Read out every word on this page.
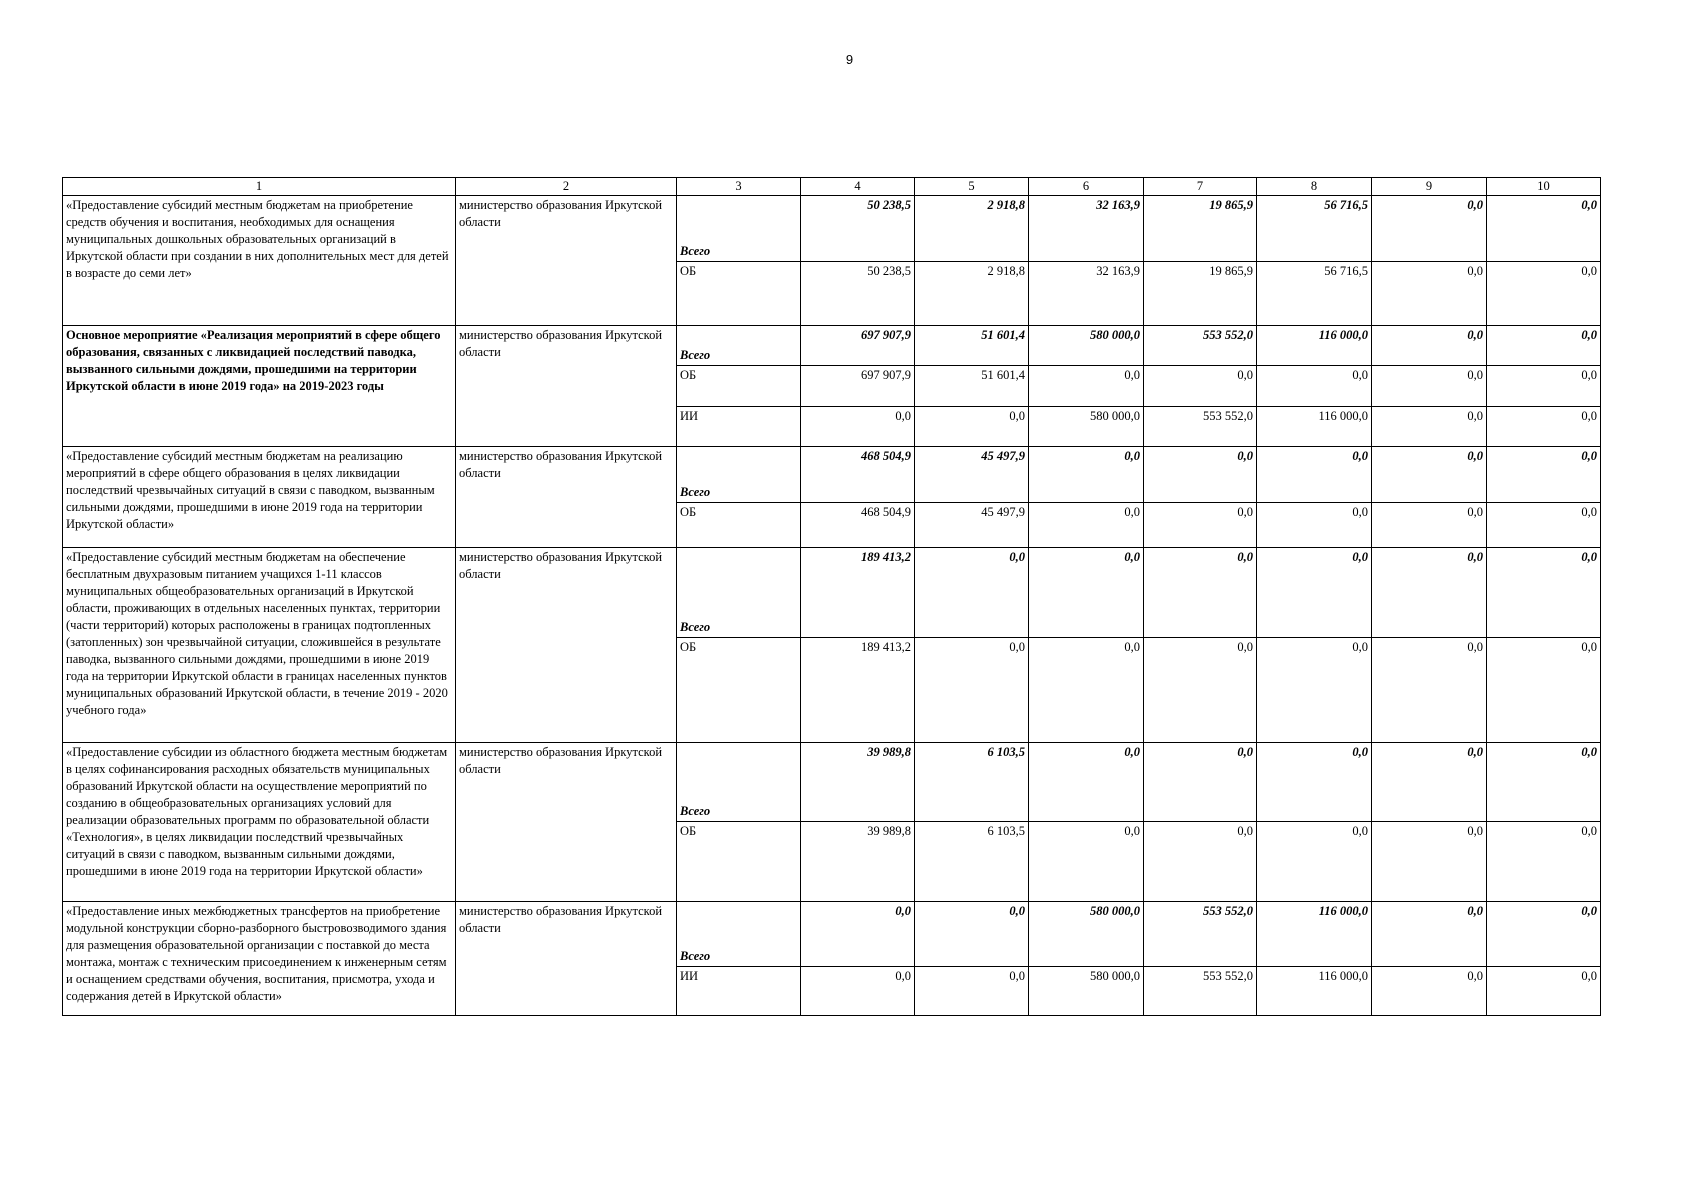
9
1	2	3	4	5	6	7	8	9	10
«Предоставление субсидий местным бюджетам на приобретение средств обучения и воспитания, необходимых для оснащения муниципальных дошкольных образовательных организаций в Иркутской области при создании в них дополнительных мест для детей в возрасте до семи лет»	министерство образования Иркутской области	Всего	50 238,5	2 918,8	32 163,9	19 865,9	56 716,5	0,0	0,0
		ОБ	50 238,5	2 918,8	32 163,9	19 865,9	56 716,5	0,0	0,0
Основное мероприятие «Реализация мероприятий в сфере общего образования, связанных с ликвидацией последствий паводка, вызванного сильными дождями, прошедшими на территории Иркутской области в июне 2019 года» на 2019-2023 годы	министерство образования Иркутской области	Всего	697 907,9	51 601,4	580 000,0	553 552,0	116 000,0	0,0	0,0
		ОБ	697 907,9	51 601,4	0,0	0,0	0,0	0,0	0,0
		ИИ	0,0	0,0	580 000,0	553 552,0	116 000,0	0,0	0,0
«Предоставление субсидий местным бюджетам на реализацию мероприятий в сфере общего образования в целях ликвидации последствий чрезвычайных ситуаций в связи с паводком, вызванным сильными дождями, прошедшими в июне 2019 года на территории Иркутской области»	министерство образования Иркутской области	Всего	468 504,9	45 497,9	0,0	0,0	0,0	0,0	0,0
		ОБ	468 504,9	45 497,9	0,0	0,0	0,0	0,0	0,0
«Предоставление субсидий местным бюджетам на обеспечение бесплатным двухразовым питанием учащихся 1-11 классов муниципальных общеобразовательных организаций в Иркутской области, проживающих в отдельных населенных пунктах, территории (части территорий) которых расположены в границах подтопленных (затопленных) зон чрезвычайной ситуации, сложившейся в результате паводка, вызванного сильными дождями, прошедшими в июне 2019 года на территории Иркутской области в границах населенных пунктов муниципальных образований Иркутской области, в течение 2019 - 2020 учебного года»	министерство образования Иркутской области	Всего	189 413,2	0,0	0,0	0,0	0,0	0,0	0,0
		ОБ	189 413,2	0,0	0,0	0,0	0,0	0,0	0,0
«Предоставление субсидии из областного бюджета местным бюджетам в целях софинансирования расходных обязательств муниципальных образований Иркутской области на осуществление мероприятий по созданию в общеобразовательных организациях условий для реализации образовательных программ по образовательной области «Технология», в целях ликвидации последствий чрезвычайных ситуаций в связи с паводком, вызванным сильными дождями, прошедшими в июне 2019 года на территории Иркутской области»	министерство образования Иркутской области	Всего	39 989,8	6 103,5	0,0	0,0	0,0	0,0	0,0
		ОБ	39 989,8	6 103,5	0,0	0,0	0,0	0,0	0,0
«Предоставление иных межбюджетных трансфертов на приобретение модульной конструкции сборно-разборного быстровозводимого здания для размещения образовательной организации с поставкой до места монтажа, монтаж с техническим присоединением к инженерным сетям и оснащением средствами обучения, воспитания, присмотра, ухода и содержания детей в Иркутской области»	министерство образования Иркутской области	Всего	0,0	0,0	580 000,0	553 552,0	116 000,0	0,0	0,0
		ИИ	0,0	0,0	580 000,0	553 552,0	116 000,0	0,0	0,0
